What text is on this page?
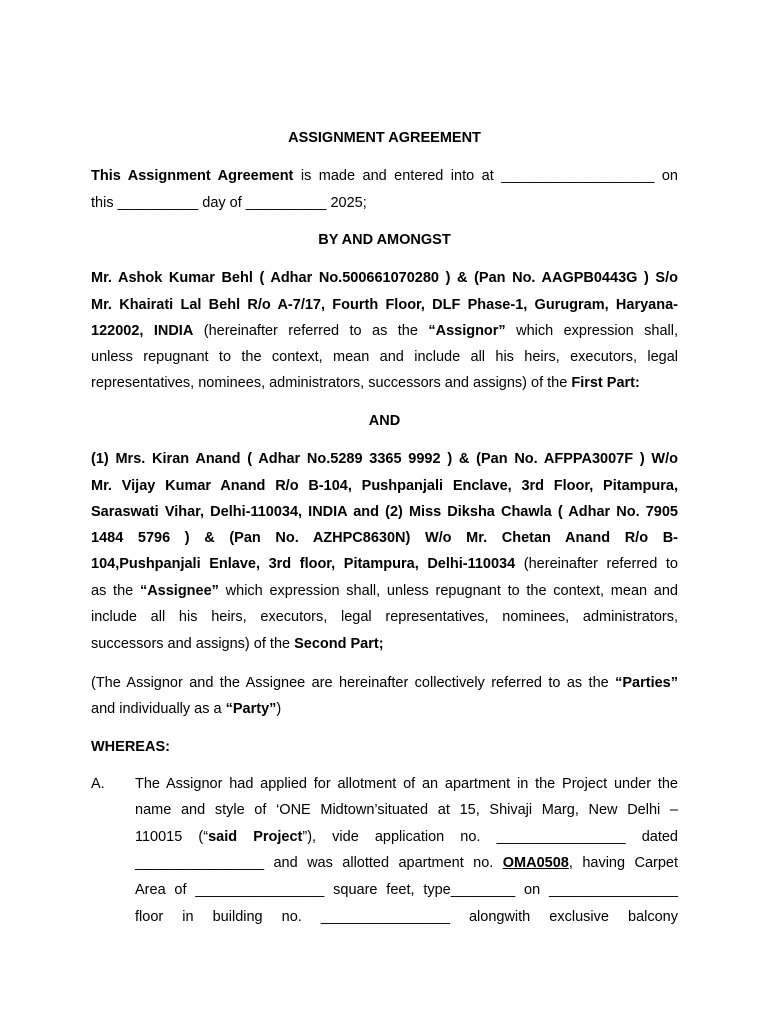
ASSIGNMENT AGREEMENT
This Assignment Agreement is made and entered into at ___________________ on
this __________ day of __________ 2025;
BY AND AMONGST
Mr. Ashok Kumar Behl ( Adhar No.500661070280 ) & (Pan No. AAGPB0443G ) S/o
Mr. Khairati Lal Behl R/o A-7/17, Fourth Floor, DLF Phase-1, Gurugram, Haryana-
122002, INDIA (hereinafter referred to as the “Assignor” which expression shall,
unless repugnant to the context, mean and include all his heirs, executors, legal
representatives, nominees, administrators, successors and assigns) of the First Part:
AND
(1) Mrs. Kiran Anand ( Adhar No.5289 3365 9992 ) & (Pan No. AFPPA3007F ) W/o
Mr. Vijay Kumar Anand R/o B-104, Pushpanjali Enclave, 3rd Floor, Pitampura,
Saraswati Vihar, Delhi-110034, INDIA and (2) Miss Diksha Chawla ( Adhar No. 7905
1484 5796 ) & (Pan No. AZHPC8630N) W/o Mr. Chetan Anand R/o B-
104,Pushpanjali Enlave, 3rd floor, Pitampura, Delhi-110034 (hereinafter referred to
as the “Assignee” which expression shall, unless repugnant to the context, mean and
include all his heirs, executors, legal representatives, nominees, administrators,
successors and assigns) of the Second Part;
(The Assignor and the Assignee are hereinafter collectively referred to as the “Parties”
and individually as a “Party”)
WHEREAS:
A. The Assignor had applied for allotment of an apartment in the Project under the
name and style of ‘ONE Midtown’situated at 15, Shivaji Marg, New Delhi –
110015 (“said Project”), vide application no. ________________ dated
________________ and was allotted apartment no. OMA0508, having Carpet
Area of ________________ square feet, type________ on ________________
floor in building no. ________________ alongwith exclusive balcony
